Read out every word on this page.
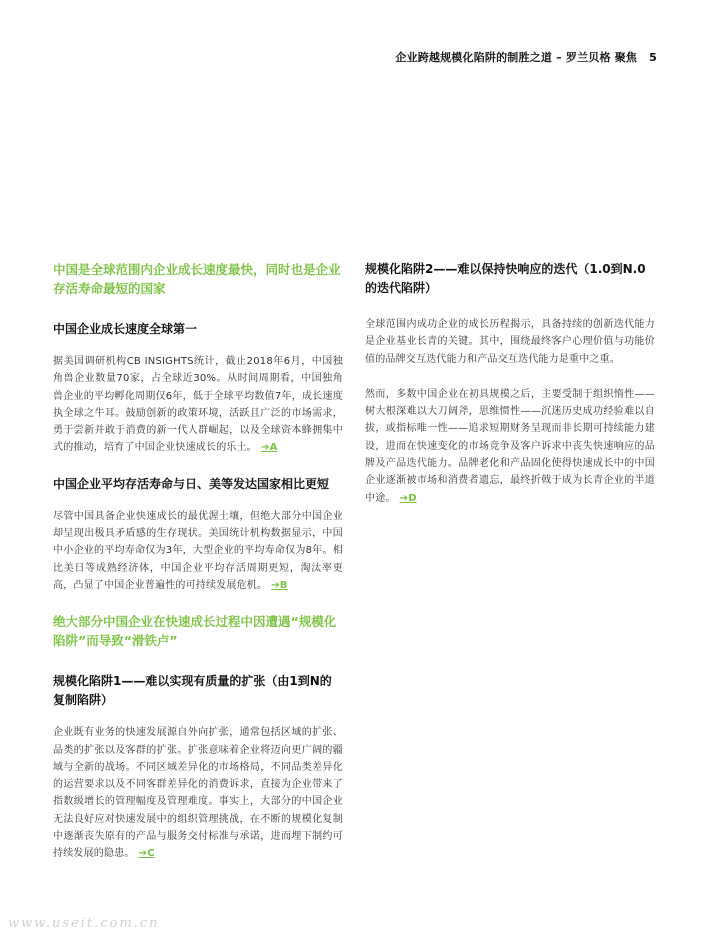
企业跨越规模化陷阱的制胜之道 – 罗兰贝格 聚焦 5
中国是全球范围内企业成长速度最快，同时也是企业存活寿命最短的国家
中国企业成长速度全球第一

据美国调研机构CB INSIGHTS统计，截止2018年6月，中国独角兽企业数量70家，占全球近30%。从时间周期看，中国独角兽企业的平均孵化周期仅6年，低于全球平均数值7年，成长速度执全球之牛耳。鼓励创新的政策环境，活跃且广泛的市场需求，勇于尝新并敢于消费的新一代人群崛起，以及全球资本蜂拥集中式的推动，培育了中国企业快速成长的乐土。 ➔A

中国企业平均存活寿命与日、美等发达国家相比更短

尽管中国具备企业快速成长的最优渥土壤，但绝大部分中国企业却呈现出极具矛盾感的生存现状。美国统计机构数据显示，中国中小企业的平均寿命仅为3年，大型企业的平均寿命仅为8年。相比美日等成熟经济体，中国企业平均存活周期更短，淘汰率更高，凸显了中国企业普遍性的可持续发展危机。 ➔B

绝大部分中国企业在快速成长过程中因遭遇“规模化陷阱”而导致“滑铁卢”
规模化陷阱1——难以实现有质量的扩张（由1到N的复制陷阱）

企业既有业务的快速发展源自外向扩张，通常包括区域的扩张、品类的扩张以及客群的扩张。扩张意味着企业将迈向更广阔的疆域与全新的战场。不同区域差异化的市场格局，不同品类差异化的运营要求以及不同客群差异化的消费诉求，直接为企业带来了指数级增长的管理幅度及管理难度。事实上，大部分的中国企业无法良好应对快速发展中的组织管理挑战，在不断的规模化复制中逐渐丧失原有的产品与服务交付标准与承诺，进而埋下制约可持续发展的隐患。 ➔C

规模化陷阱2——难以保持快响应的迭代（1.0到N.0的迭代陷阱）

全球范围内成功企业的成长历程揭示，具备持续的创新迭代能力是企业基业长青的关键。其中，围绕最终客户心理价值与功能价值的品牌交互迭代能力和产品交互迭代能力是重中之重。

然而，多数中国企业在初具规模之后，主要受制于组织惰性——树大根深难以大刀阔斧，思维惯性——沉迷历史成功经验难以自拔，或指标唯一性——追求短期财务呈现而非长期可持续能力建设，进而在快速变化的市场竞争及客户诉求中丧失快速响应的品牌及产品迭代能力。品牌老化和产品固化使得快速成长中的中国企业逐渐被市场和消费者遗忘，最终折戟于成为长青企业的半道中途。 ➔D

www.useit.com.cn
